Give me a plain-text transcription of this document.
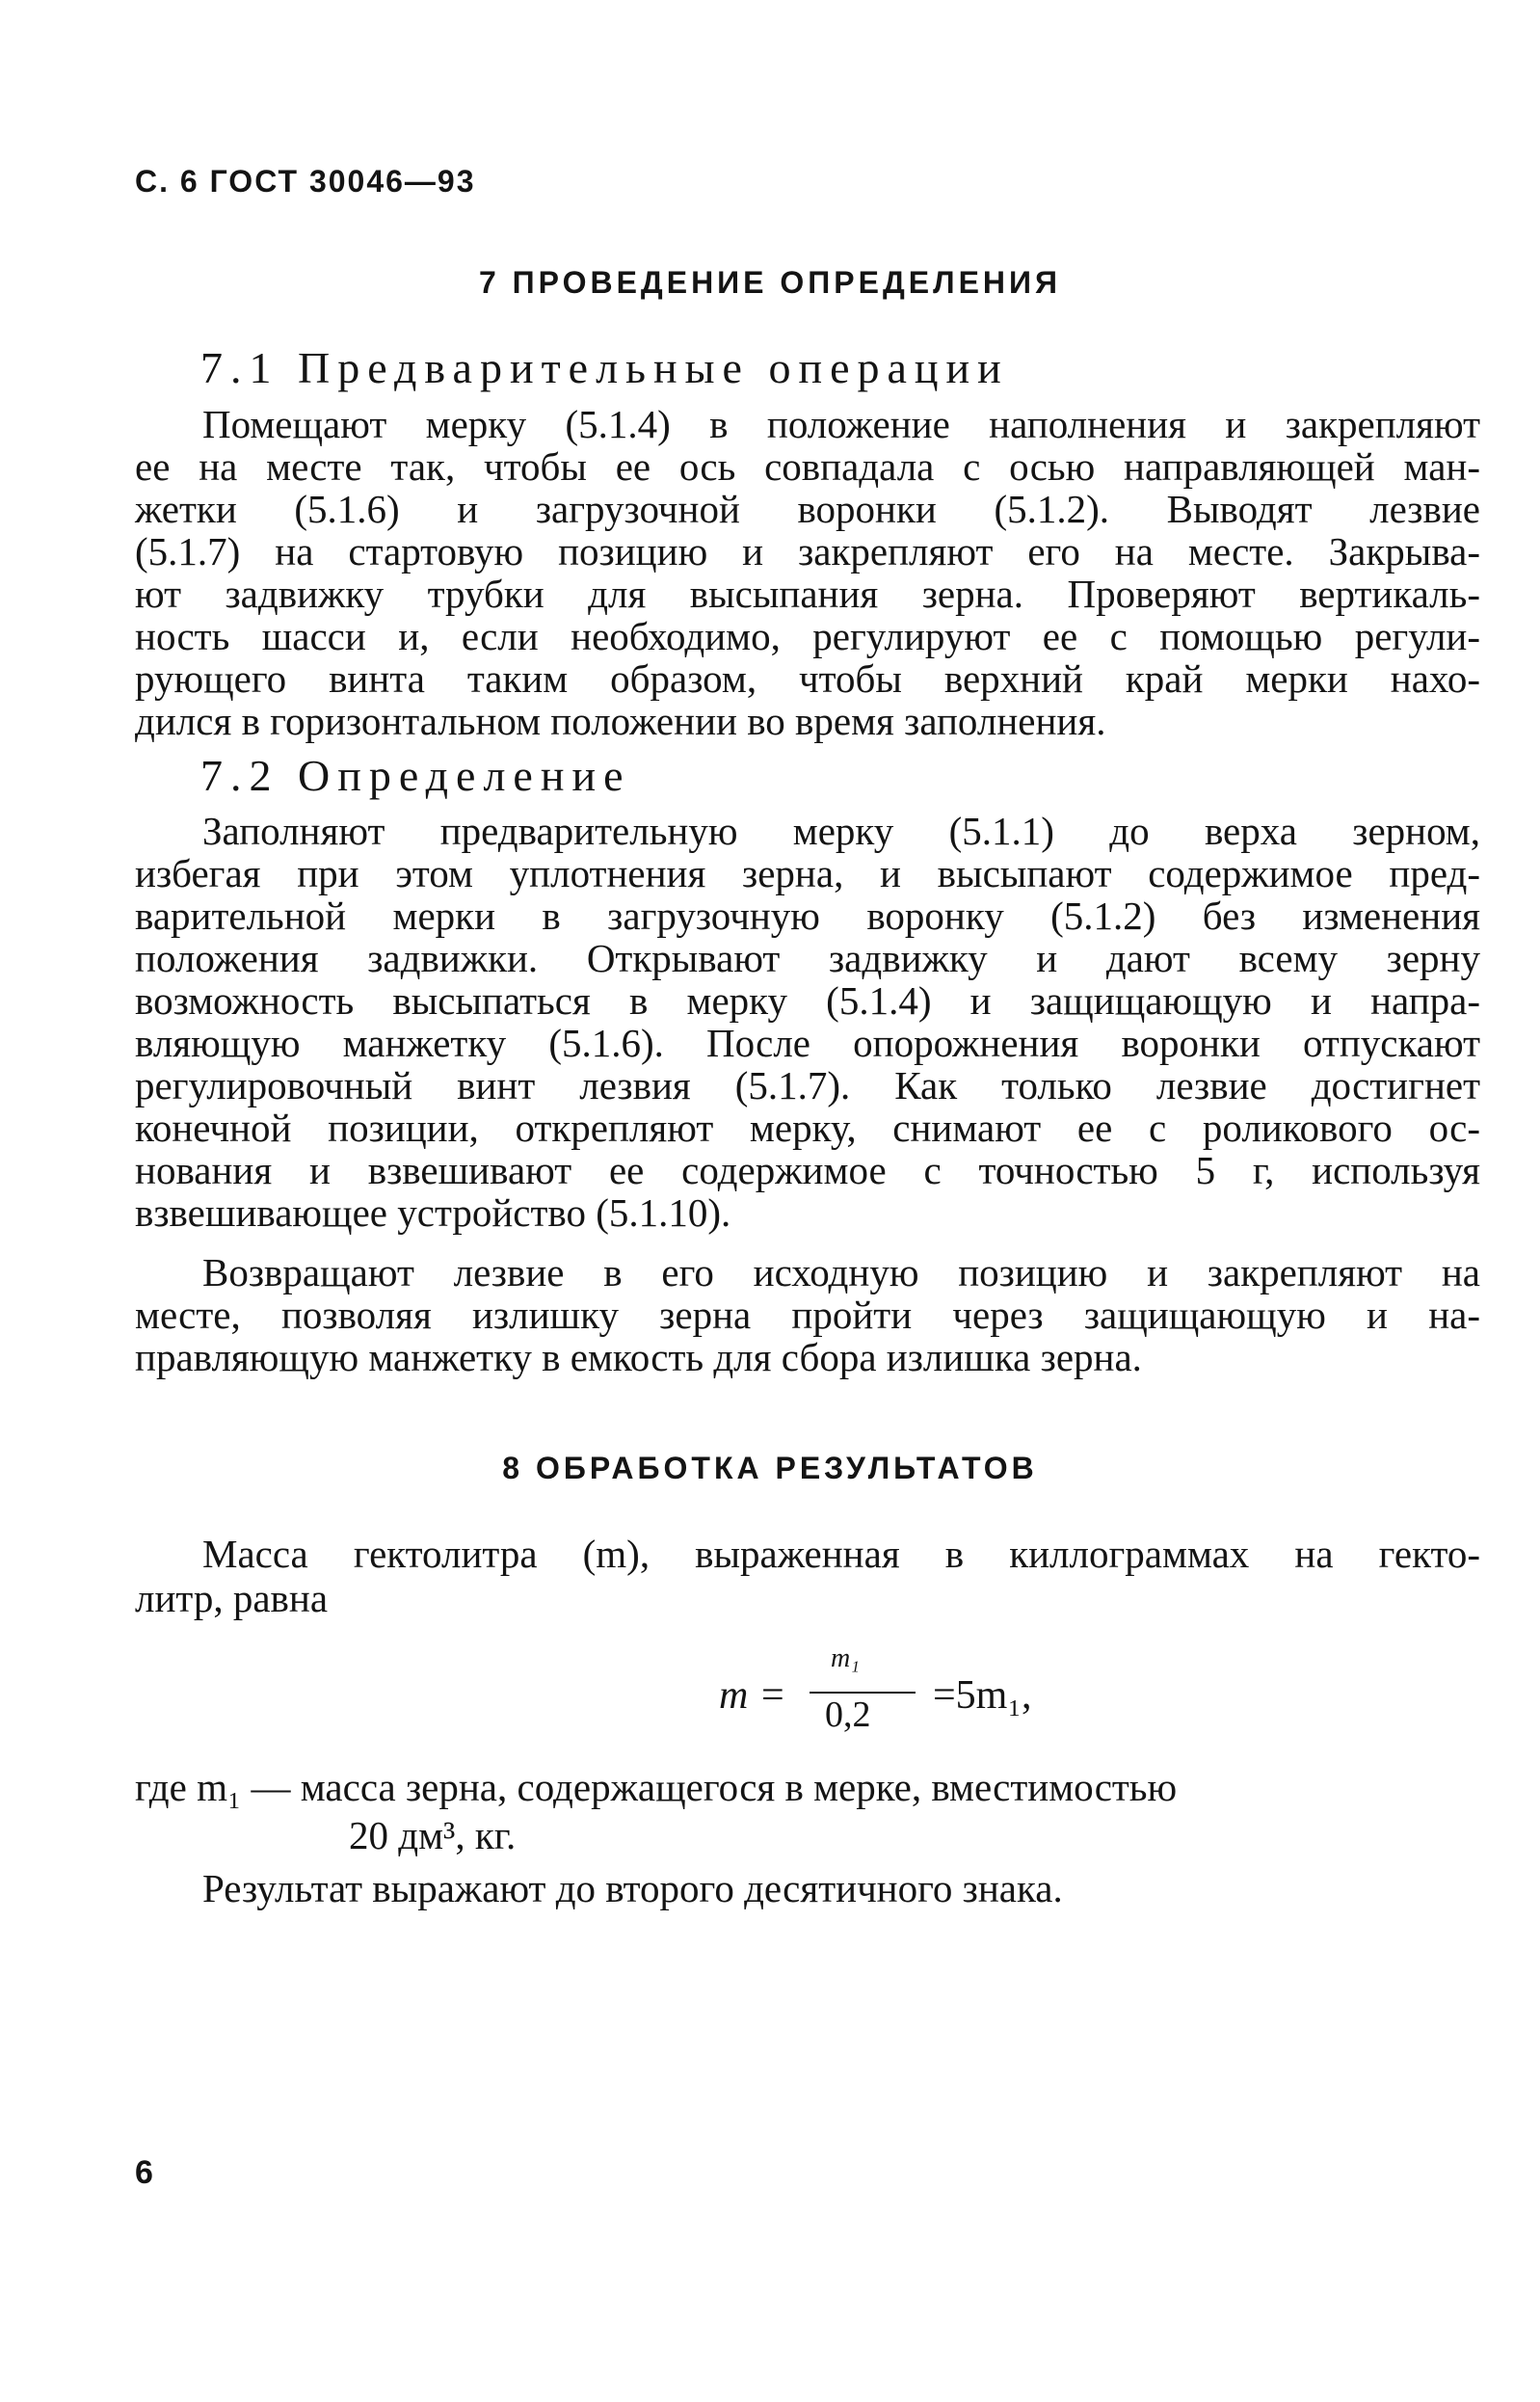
С. 6 ГОСТ 30046—93
7 ПРОВЕДЕНИЕ ОПРЕДЕЛЕНИЯ
7.1 Предварительные операции
Помещают мерку (5.1.4) в положение наполнения и закрепляют
ее на месте так, чтобы ее ось совпадала с осью направляющей ман-
жетки (5.1.6) и загрузочной воронки (5.1.2). Выводят лезвие
(5.1.7) на стартовую позицию и закрепляют его на месте. Закрыва-
ют задвижку трубки для высыпания зерна. Проверяют вертикаль-
ность шасси и, если необходимо, регулируют ее с помощью регули-
рующего винта таким образом, чтобы верхний край мерки нахо-
дился в горизонтальном положении во время заполнения.
7.2 Определение
Заполняют предварительную мерку (5.1.1) до верха зерном,
избегая при этом уплотнения зерна, и высыпают содержимое пред-
варительной мерки в загрузочную воронку (5.1.2) без изменения
положения задвижки. Открывают задвижку и дают всему зерну
возможность высыпаться в мерку (5.1.4) и защищающую и напра-
вляющую манжетку (5.1.6). После опорожнения воронки отпускают
регулировочный винт лезвия (5.1.7). Как только лезвие достигнет
конечной позиции, открепляют мерку, снимают ее с роликового ос-
нования и взвешивают ее содержимое с точностью 5 г, используя
взвешивающее устройство (5.1.10).
Возвращают лезвие в его исходную позицию и закрепляют на
месте, позволяя излишку зерна пройти через защищающую и на-
правляющую манжетку в емкость для сбора излишка зерна.
8 ОБРАБОТКА РЕЗУЛЬТАТОВ
Масса гектолитра (m), выраженная в киллограммах на гекто-
литр, равна
m =
m₁
0,2 =5m₁,
где m₁ — масса зерна, содержащегося в мерке, вместимостью
20 дм³, кг.
Результат выражают до второго десятичного знака.
6
